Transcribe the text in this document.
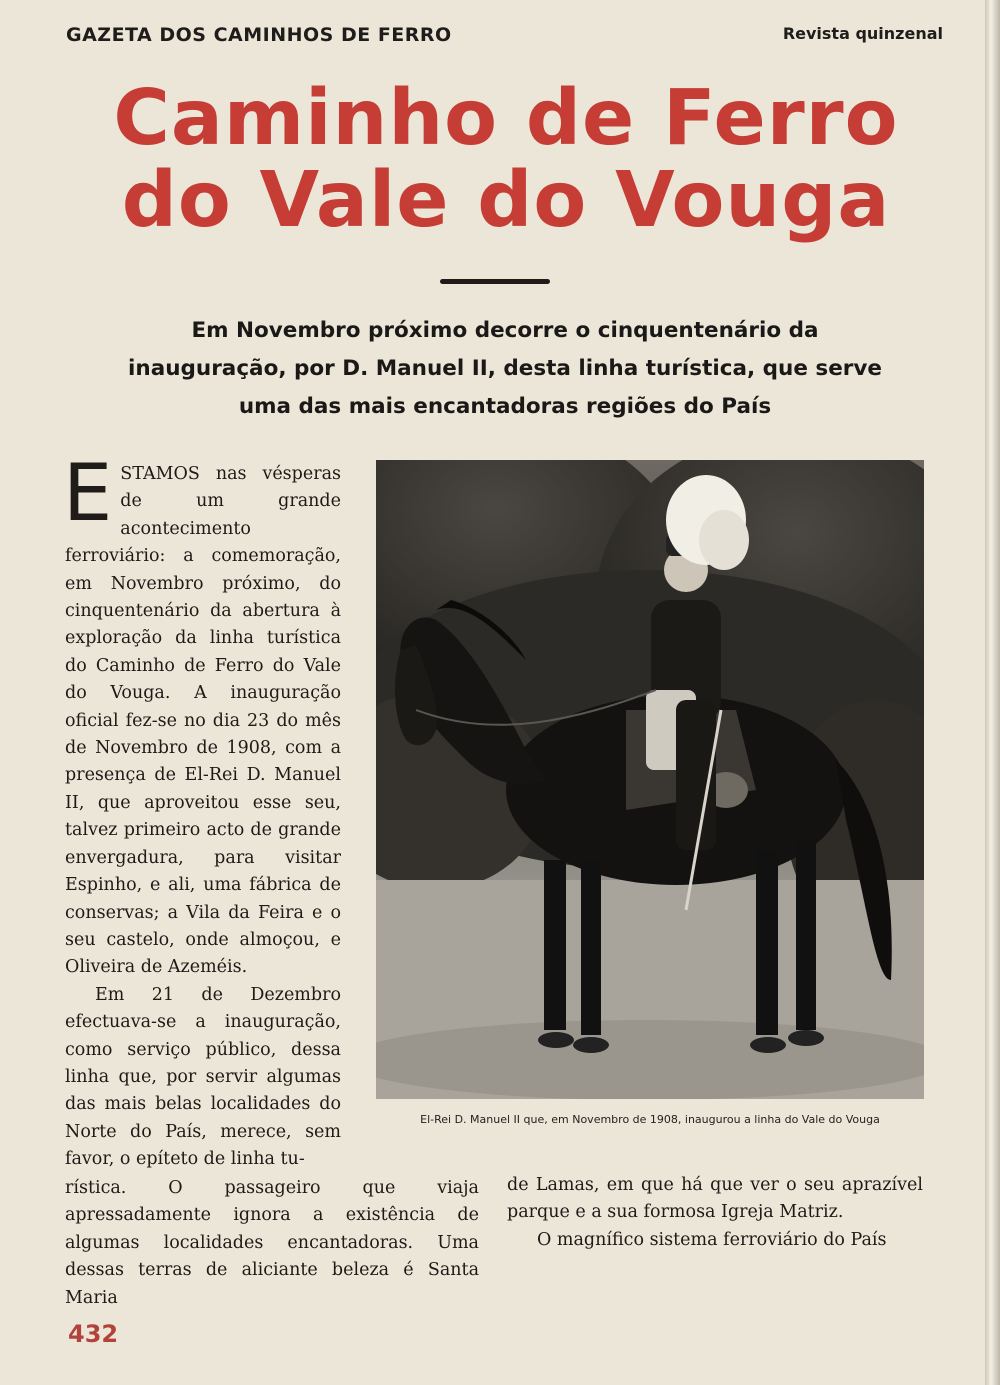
GAZETA DOS CAMINHOS DE FERRO	Revista quinzenal
Caminho de Ferro
do Vale do Vouga

Em Novembro próximo decorre o cinquentenário da inauguração, por D. Manuel II, desta linha turística, que serve uma das mais encantadoras regiões do País

ESTAMOS nas vésperas de um grande acontecimento ferroviário: a comemoração, em Novembro próximo, do cinquentenário da abertura à exploração da linha turística do Caminho de Ferro do Vale do Vouga. A inauguração oficial fez-se no dia 23 do mês de Novembro de 1908, com a presença de El-Rei D. Manuel II, que aproveitou esse seu, talvez primeiro acto de grande envergadura, para visitar Espinho, e ali, uma fábrica de conservas; a Vila da Feira e o seu castelo, onde almoçou, e Oliveira de Azeméis.

Em 21 de Dezembro efectuava-se a inauguração, como serviço público, dessa linha que, por servir algumas das mais belas localidades do Norte do País, merece, sem favor, o epíteto de linha tu-

El-Rei D. Manuel II que, em Novembro de 1908, inaugurou a linha do Vale do Vouga

rística. O passageiro que viaja apressadamente ignora a existência de algumas localidades encantadoras. Uma dessas terras de aliciante beleza é Santa Maria

de Lamas, em que há que ver o seu aprazível parque e a sua formosa Igreja Matriz.

O magnífico sistema ferroviário do País

432
